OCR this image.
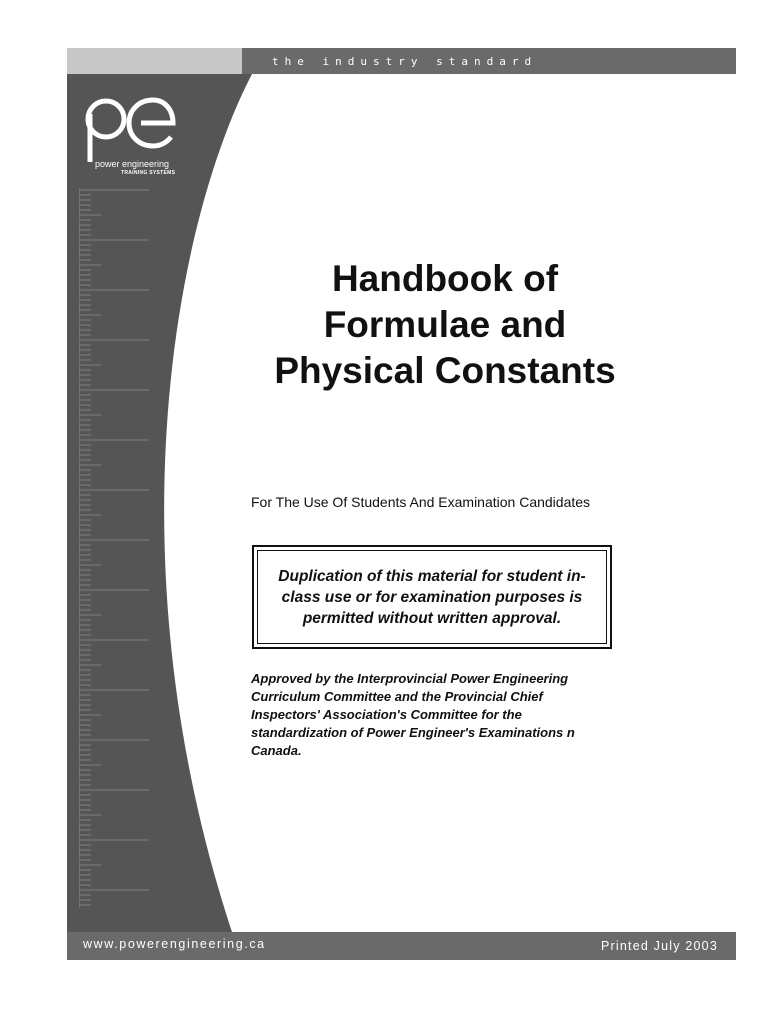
the industry standard
power engineering
TRAINING SYSTEMS
Handbook of
Formulae and
Physical Constants
For The Use Of Students And Examination Candidates
Duplication of this material for student in-class use or for examination purposes is permitted without written approval.
Approved by the Interprovincial Power Engineering
Curriculum Committee and the Provincial Chief
Inspectors' Association's Committee for the
standardization of Power Engineer's Examinations n
Canada.
www.powerengineering.ca	Printed July 2003
